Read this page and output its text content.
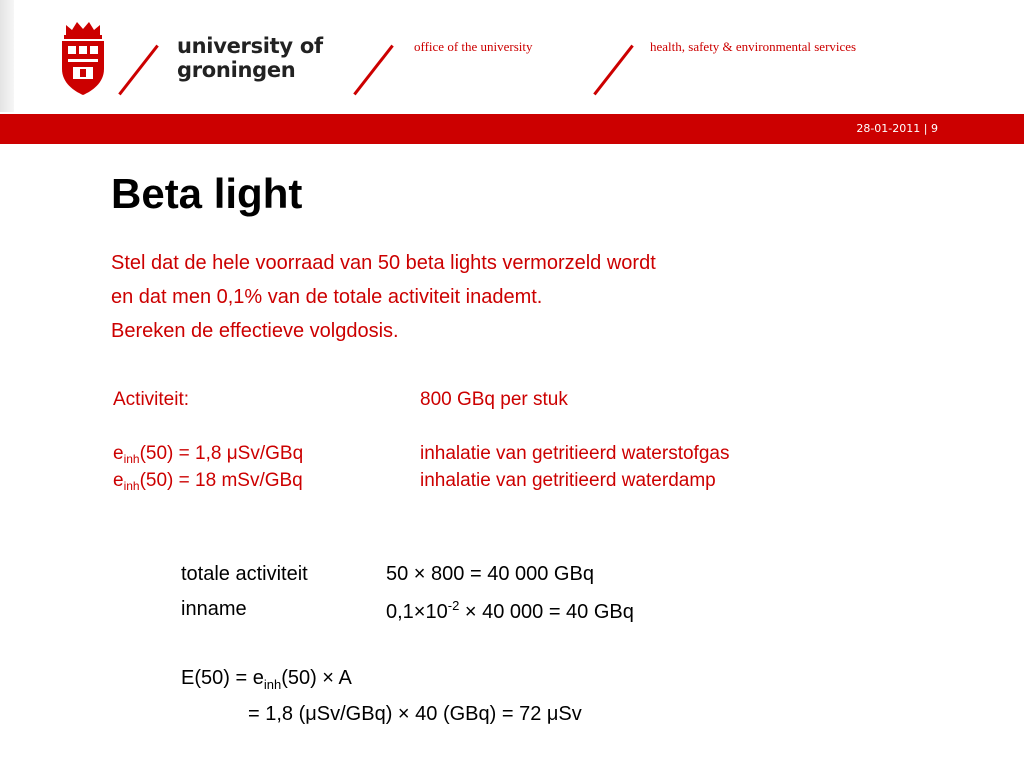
university of
groningen
office of the university	health, safety & environmental services
28-01-2011 | 9
Beta light
Stel dat de hele voorraad van 50 beta lights vermorzeld wordt
en dat men 0,1% van de totale activiteit inademt.
Bereken de effectieve volgdosis.
Activiteit:	800 GBq per stuk
$e_{inh}(50) = 1,8$ μSv/GBq	inhalatie van getritieerd waterstofgas
$e_{inh}(50) = 18$ mSv/GBq	inhalatie van getritieerd waterdamp
totale activiteit	50 × 800 = 40 000 GBq
inname	$0,1\times 10^{-2} \times 40$ 000 = 40 GBq
$E(50) = e_{inh}(50) \times A$
= 1,8 (μSv/GBq) × 40 (GBq) = 72 μSv
